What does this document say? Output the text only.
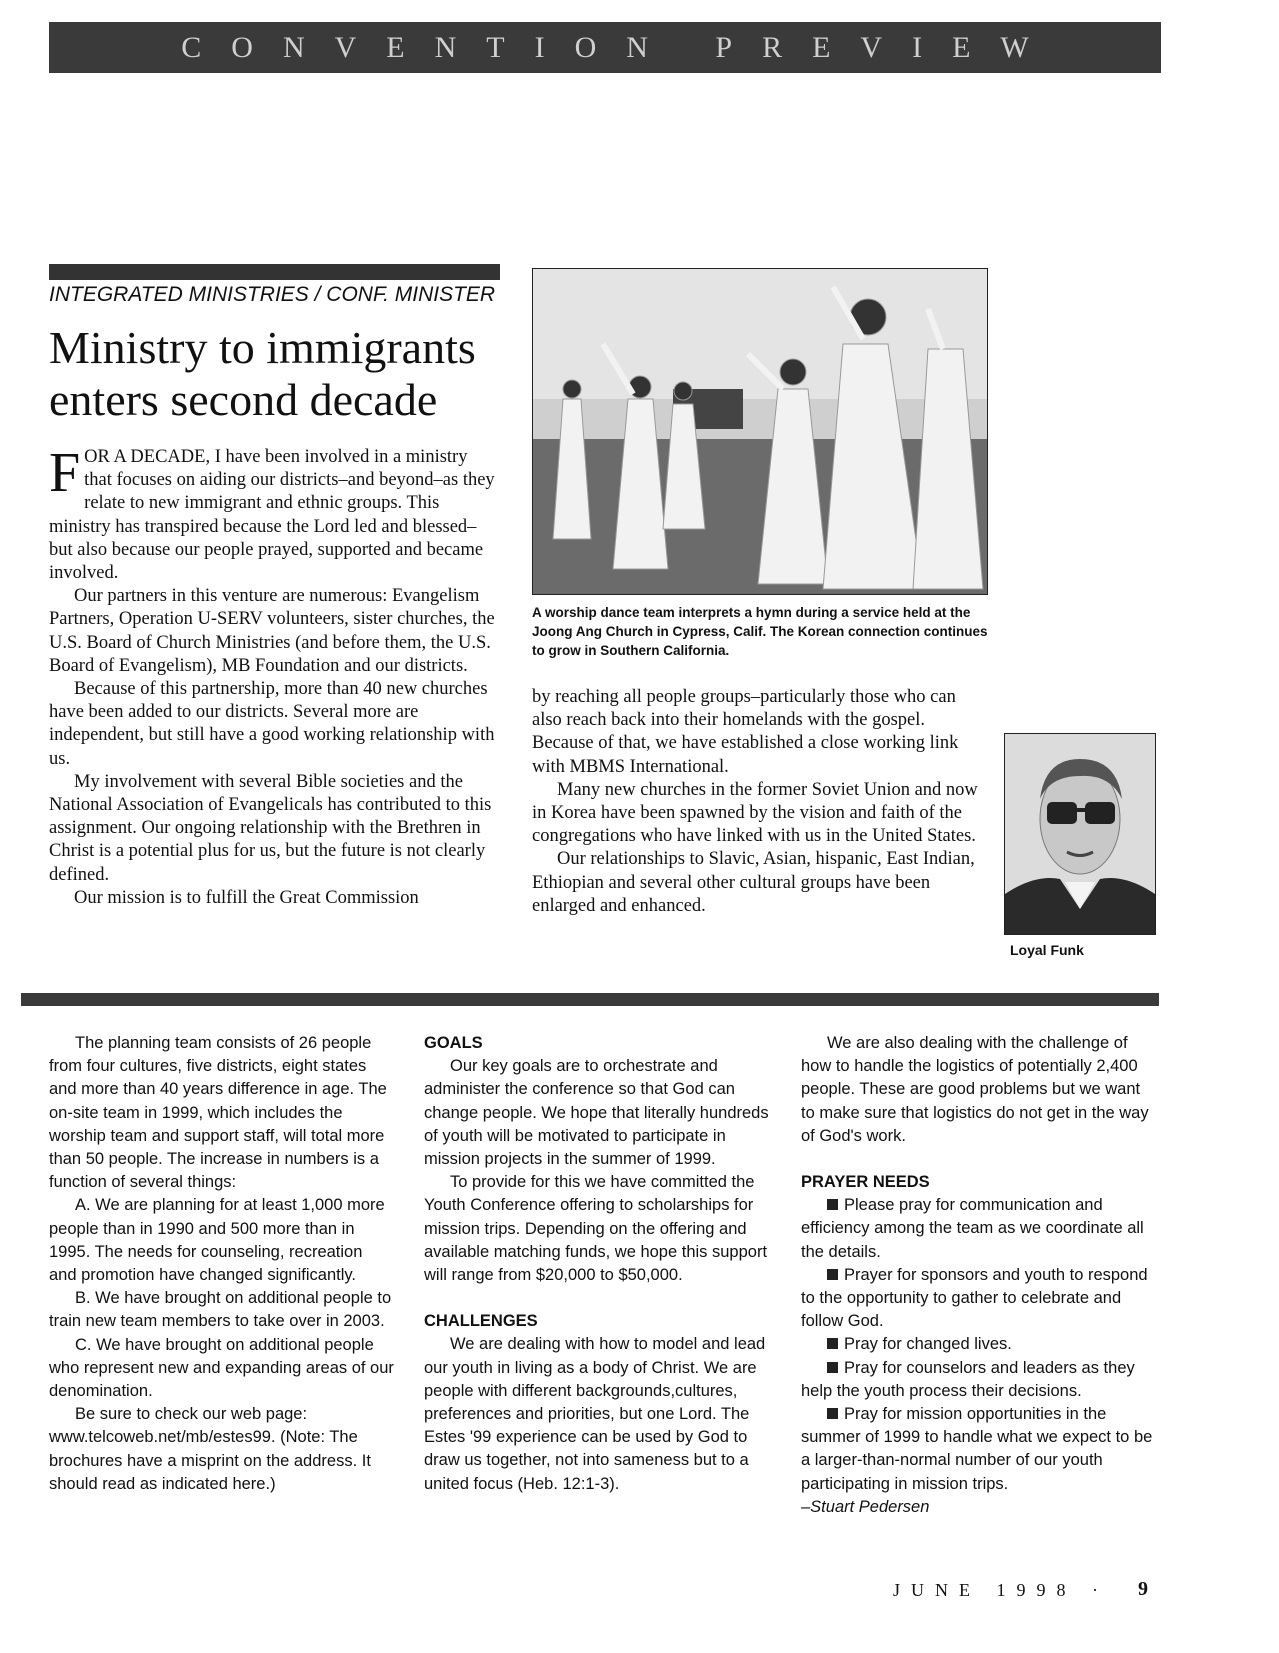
CONVENTION PREVIEW
INTEGRATED MINISTRIES / CONF. MINISTER
Ministry to immigrants enters second decade

FOR A DECADE, I have been involved in a ministry that focuses on aiding our districts–and beyond–as they relate to new immigrant and ethnic groups. This ministry has transpired because the Lord led and blessed–but also because our people prayed, supported and became involved.

Our partners in this venture are numerous: Evangelism Partners, Operation U-SERV volunteers, sister churches, the U.S. Board of Church Ministries (and before them, the U.S. Board of Evangelism), MB Foundation and our districts.

Because of this partnership, more than 40 new churches have been added to our districts. Several more are independent, but still have a good working relationship with us.

My involvement with several Bible societies and the National Association of Evangelicals has contributed to this assignment. Our ongoing relationship with the Brethren in Christ is a potential plus for us, but the future is not clearly defined.

Our mission is to fulfill the Great Commission

A worship dance team interprets a hymn during a service held at the Joong Ang Church in Cypress, Calif. The Korean connection continues to grow in Southern California.

by reaching all people groups–particularly those who can also reach back into their homelands with the gospel. Because of that, we have established a close working link with MBMS International.

Many new churches in the former Soviet Union and now in Korea have been spawned by the vision and faith of the congregations who have linked with us in the United States.

Our relationships to Slavic, Asian, hispanic, East Indian, Ethiopian and several other cultural groups have been enlarged and enhanced.

Loyal Funk

The planning team consists of 26 people from four cultures, five districts, eight states and more than 40 years difference in age. The on-site team in 1999, which includes the worship team and support staff, will total more than 50 people. The increase in numbers is a function of several things:

A. We are planning for at least 1,000 more people than in 1990 and 500 more than in 1995. The needs for counseling, recreation and promotion have changed significantly.

B. We have brought on additional people to train new team members to take over in 2003.

C. We have brought on additional people who represent new and expanding areas of our denomination.

Be sure to check our web page: www.telcoweb.net/mb/estes99. (Note: The brochures have a misprint on the address. It should read as indicated here.)

GOALS

Our key goals are to orchestrate and administer the conference so that God can change people. We hope that literally hundreds of youth will be motivated to participate in mission projects in the summer of 1999.

To provide for this we have committed the Youth Conference offering to scholarships for mission trips. Depending on the offering and available matching funds, we hope this support will range from $20,000 to $50,000.

CHALLENGES

We are dealing with how to model and lead our youth in living as a body of Christ. We are people with different backgrounds,cultures, preferences and priorities, but one Lord. The Estes '99 experience can be used by God to draw us together, not into sameness but to a united focus (Heb. 12:1-3).

We are also dealing with the challenge of how to handle the logistics of potentially 2,400 people. These are good problems but we want to make sure that logistics do not get in the way of God's work.

PRAYER NEEDS

Please pray for communication and efficiency among the team as we coordinate all the details.

Prayer for sponsors and youth to respond to the opportunity to gather to celebrate and follow God.

Pray for changed lives.

Pray for counselors and leaders as they help the youth process their decisions.

Pray for mission opportunities in the summer of 1999 to handle what we expect to be a larger-than-normal number of our youth participating in mission trips.

–Stuart Pedersen

JUNE 1998 · 9
